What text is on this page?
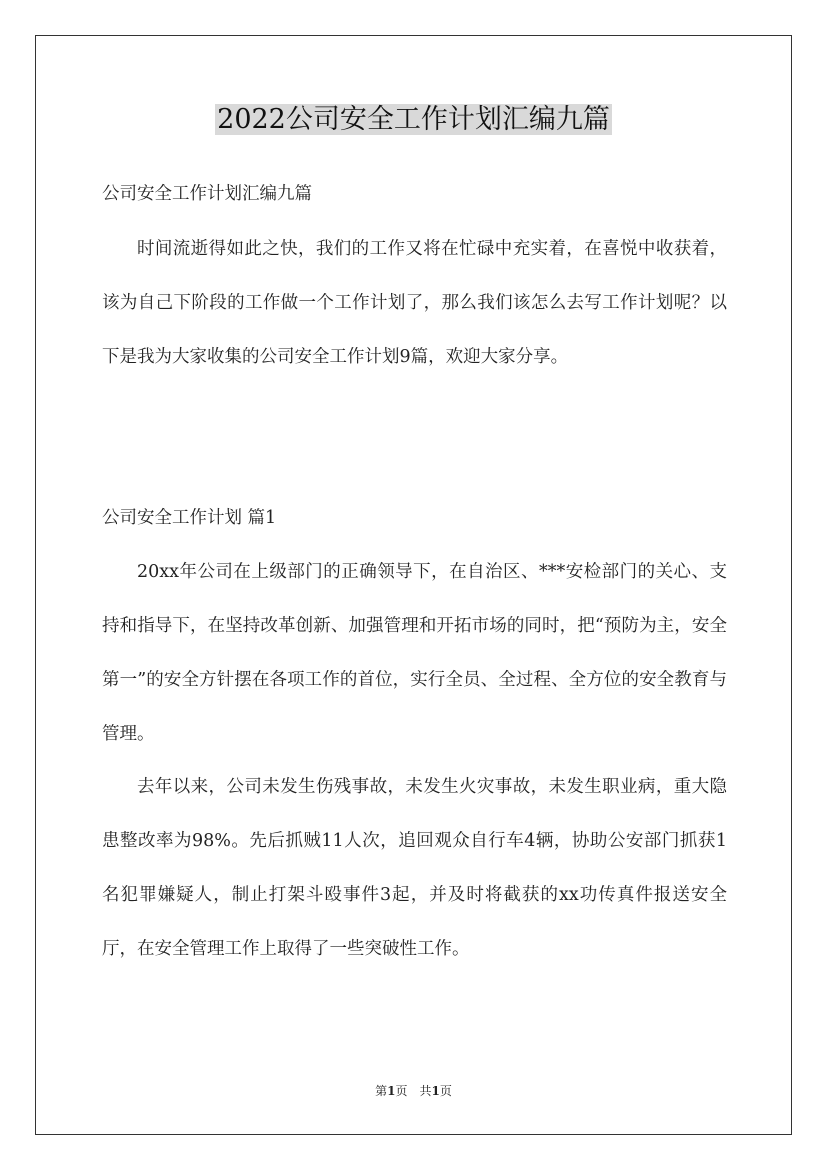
2022公司安全工作计划汇编九篇

公司安全工作计划汇编九篇

时间流逝得如此之快，我们的工作又将在忙碌中充实着，在喜悦中收获着，该为自己下阶段的工作做一个工作计划了，那么我们该怎么去写工作计划呢？以下是我为大家收集的公司安全工作计划9篇，欢迎大家分享。

公司安全工作计划 篇1

20xx年公司在上级部门的正确领导下，在自治区、***安检部门的关心、支持和指导下，在坚持改革创新、加强管理和开拓市场的同时，把“预防为主，安全第一”的安全方针摆在各项工作的首位，实行全员、全过程、全方位的安全教育与管理。

去年以来，公司未发生伤残事故，未发生火灾事故，未发生职业病，重大隐患整改率为98%。先后抓贼11人次，追回观众自行车4辆，协助公安部门抓获1名犯罪嫌疑人，制止打架斗殴事件3起，并及时将截获的xx功传真件报送安全厅，在安全管理工作上取得了一些突破性工作。

第1页　共1页
